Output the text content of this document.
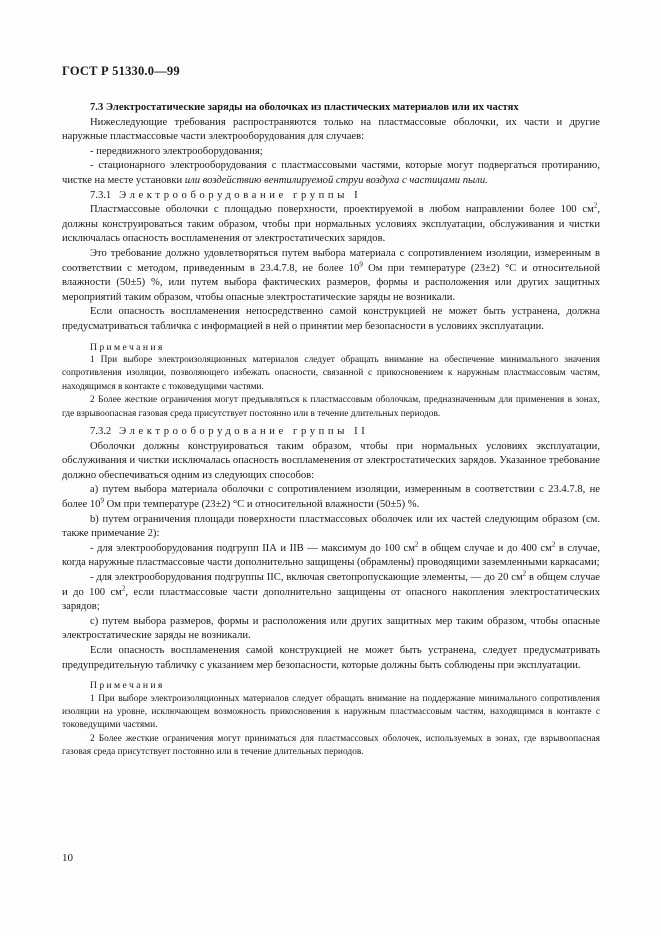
ГОСТ Р 51330.0—99

7.3 Электростатические заряды на оболочках из пластических материалов или их частях

Нижеследующие требования распространяются только на пластмассовые оболочки, их части и другие наружные пластмассовые части электрооборудования для случаев:

- передвижного электрооборудования;

- стационарного электрооборудования с пластмассовыми частями, которые могут подвергаться протиранию, чистке на месте установки или воздействию вентилируемой струи воздуха с частицами пыли.

7.3.1 Электрооборудование группы I

Пластмассовые оболочки с площадью поверхности, проектируемой в любом направлении более 100 $см^2$, должны конструироваться таким образом, чтобы при нормальных условиях эксплуатации, обслуживания и чистки исключалась опасность воспламенения от электростатических зарядов.

Это требование должно удовлетворяться путем выбора материала с сопротивлением изоляции, измеренным в соответствии с методом, приведенным в 23.4.7.8, не более $10^9$ Ом при температуре (23±2) °С и относительной влажности (50±5) %, или путем выбора фактических размеров, формы и расположения или других защитных мероприятий таким образом, чтобы опасные электростатические заряды не возникали.

Если опасность воспламенения непосредственно самой конструкцией не может быть устранена, должна предусматриваться табличка с информацией в ней о принятии мер безопасности в условиях эксплуатации.

Примечания

1 При выборе электроизоляционных материалов следует обращать внимание на обеспечение минимального значения сопротивления изоляции, позволяющего избежать опасности, связанной с прикосновением к наружным пластмассовым частям, находящимся в контакте с токоведущими частями.

2 Более жесткие ограничения могут предъявляться к пластмассовым оболочкам, предназначенным для применения в зонах, где взрывоопасная газовая среда присутствует постоянно или в течение длительных периодов.

7.3.2 Электрооборудование группы II

Оболочки должны конструироваться таким образом, чтобы при нормальных условиях эксплуатации, обслуживания и чистки исключалась опасность воспламенения от электростатических зарядов. Указанное требование должно обеспечиваться одним из следующих способов:

а) путем выбора материала оболочки с сопротивлением изоляции, измеренным в соответствии с 23.4.7.8, не более $10^9$ Ом при температуре (23±2) °С и относительной влажности (50±5) %.

b) путем ограничения площади поверхности пластмассовых оболочек или их частей следующим образом (см. также примечание 2):

- для электрооборудования подгрупп IIА и IIВ — максимум до 100 $см^2$ в общем случае и до 400 $см^2$ в случае, когда наружные пластмассовые части дополнительно защищены (обрамлены) проводящими заземленными каркасами;

- для электрооборудования подгруппы IIС, включая светопропускающие элементы, — до 20 $см^2$ в общем случае и до 100 $см^2$, если пластмассовые части дополнительно защищены от опасного накопления электростатических зарядов;

с) путем выбора размеров, формы и расположения или других защитных мер таким образом, чтобы опасные электростатические заряды не возникали.

Если опасность воспламенения самой конструкцией не может быть устранена, следует предусматривать предупредительную табличку с указанием мер безопасности, которые должны быть соблюдены при эксплуатации.

Примечания

1 При выборе электроизоляционных материалов следует обращать внимание на поддержание минимального сопротивления изоляции на уровне, исключающем возможность прикосновения к наружным пластмассовым частям, находящимся в контакте с токоведущими частями.

2 Более жесткие ограничения могут приниматься для пластмассовых оболочек, используемых в зонах, где взрывоопасная газовая среда присутствует постоянно или в течение длительных периодов.

10
